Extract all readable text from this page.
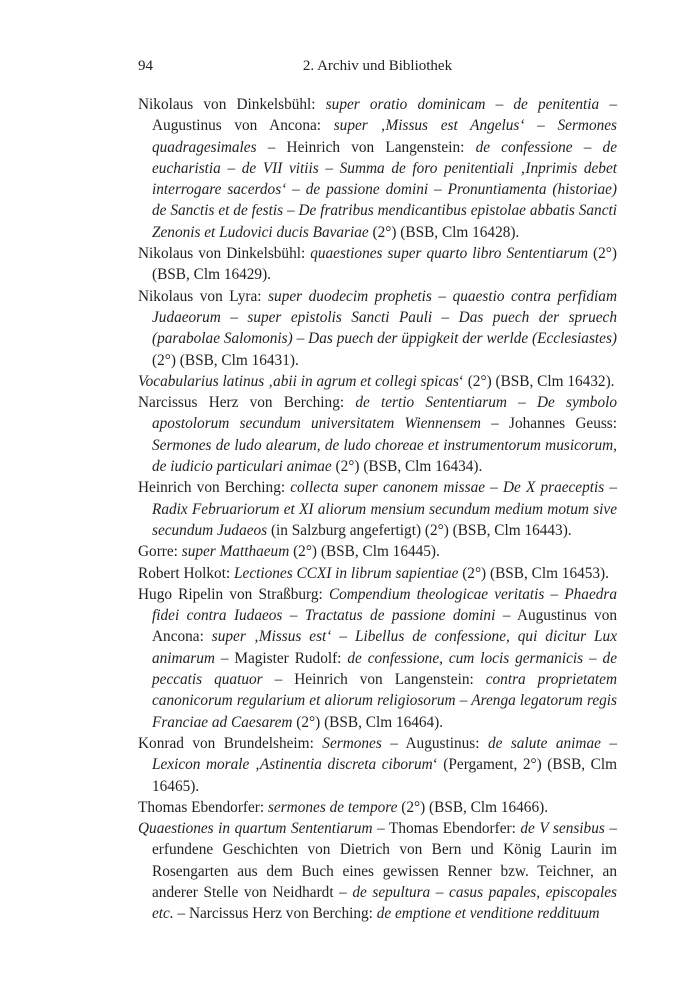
94	2. Archiv und Bibliothek

Nikolaus von Dinkelsbühl: super oratio dominicam – de penitentia – Augustinus von Ancona: super ‚Missus est Angelus‘ – Sermones quadragesimales – Heinrich von Langenstein: de confessione – de eucharistia – de VII vitiis – Summa de foro penitentiali ‚Inprimis debet interrogare sacerdos‘ – de passione domini – Pronuntiamenta (historiae) de Sanctis et de festis – De fratribus mendicantibus epistolae abbatis Sancti Zenonis et Ludovici ducis Bavariae (2°) (BSB, Clm 16428).

Nikolaus von Dinkelsbühl: quaestiones super quarto libro Sententiarum (2°) (BSB, Clm 16429).

Nikolaus von Lyra: super duodecim prophetis – quaestio contra perfidiam Judaeorum – super epistolis Sancti Pauli – Das puech der spruech (parabolae Salomonis) – Das puech der üppigkeit der werlde (Ecclesiastes) (2°) (BSB, Clm 16431).

Vocabularius latinus ‚abii in agrum et collegi spicas‘ (2°) (BSB, Clm 16432).

Narcissus Herz von Berching: de tertio Sententiarum – De symbolo apostolorum secundum universitatem Wiennensem – Johannes Geuss: Sermones de ludo alearum, de ludo choreae et instrumentorum musicorum, de iudicio particulari animae (2°) (BSB, Clm 16434).

Heinrich von Berching: collecta super canonem missae – De X praeceptis – Radix Februariorum et XI aliorum mensium secundum medium motum sive secundum Judaeos (in Salzburg angefertigt) (2°) (BSB, Clm 16443).

Gorre: super Matthaeum (2°) (BSB, Clm 16445).

Robert Holkot: Lectiones CCXI in librum sapientiae (2°) (BSB, Clm 16453).

Hugo Ripelin von Straßburg: Compendium theologicae veritatis – Phaedra fidei contra Iudaeos – Tractatus de passione domini – Augustinus von Ancona: super ‚Missus est‘ – Libellus de confessione, qui dicitur Lux animarum – Magister Rudolf: de confessione, cum locis germanicis – de peccatis quatuor – Heinrich von Langenstein: contra proprietatem canonicorum regularium et aliorum religiosorum – Arenga legatorum regis Franciae ad Caesarem (2°) (BSB, Clm 16464).

Konrad von Brundelsheim: Sermones – Augustinus: de salute animae – Lexicon morale ‚Astinentia discreta ciborum‘ (Pergament, 2°) (BSB, Clm 16465).

Thomas Ebendorfer: sermones de tempore (2°) (BSB, Clm 16466).

Quaestiones in quartum Sententiarum – Thomas Ebendorfer: de V sensibus – erfundene Geschichten von Dietrich von Bern und König Laurin im Rosengarten aus dem Buch eines gewissen Renner bzw. Teichner, an anderer Stelle von Neidhardt – de sepultura – casus papales, episcopales etc. – Narcissus Herz von Berching: de emptione et venditione reddituum
